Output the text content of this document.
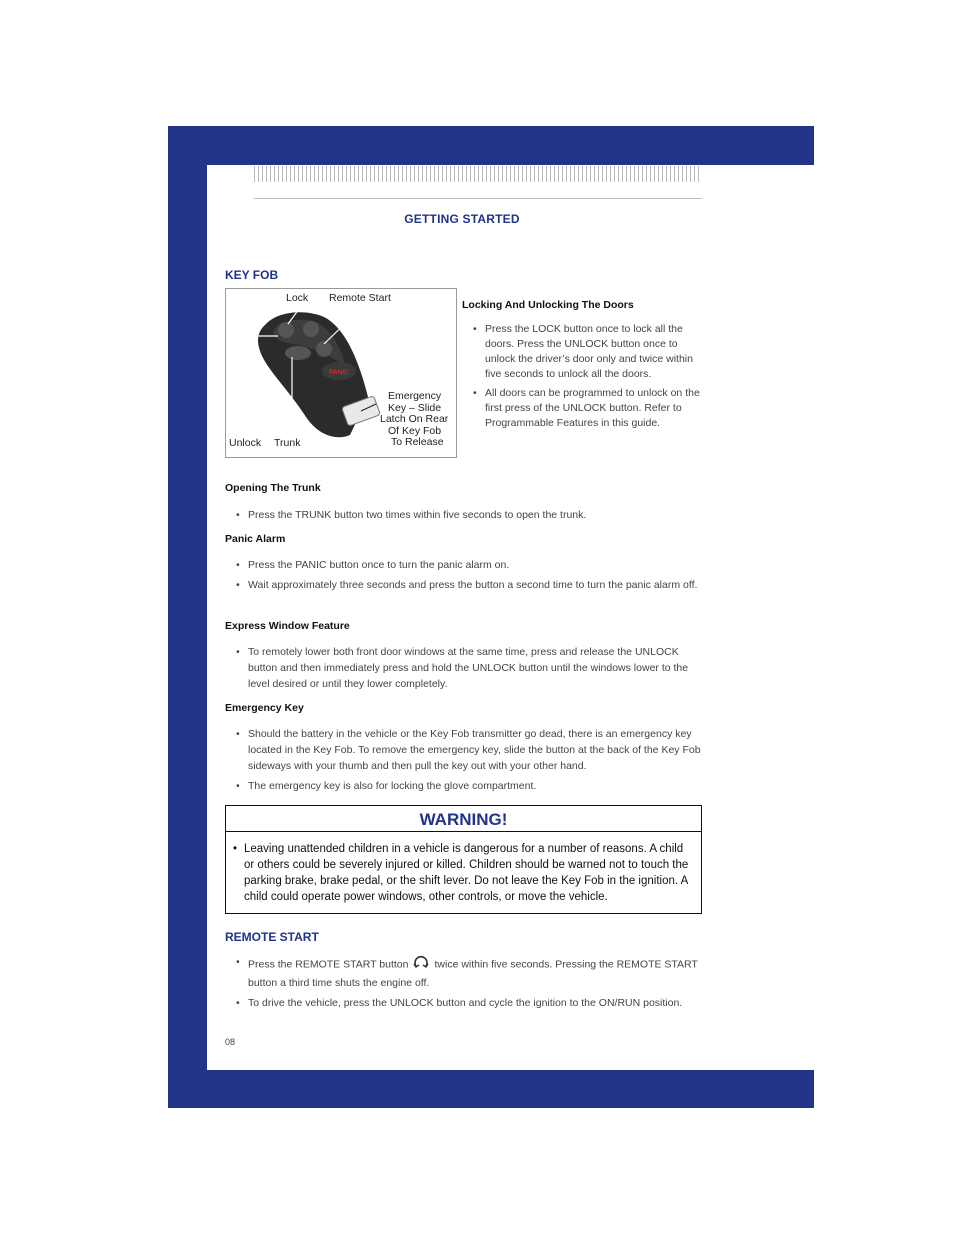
GETTING STARTED
KEY FOB
PANIC
Lock Remote Start
Emergency
Key – Slide
Latch On Rear
Of Key Fob
To Release
Unlock Trunk
Locking And Unlocking The Doors
• Press the LOCK button once to lock all the doors. Press the UNLOCK button once to unlock the driver’s door only and twice within five seconds to unlock all the doors.
• All doors can be programmed to unlock on the first press of the UNLOCK button. Refer to Programmable Features in this guide.
Opening The Trunk
• Press the TRUNK button two times within five seconds to open the trunk.
Panic Alarm
• Press the PANIC button once to turn the panic alarm on.
• Wait approximately three seconds and press the button a second time to turn the panic alarm off.
Express Window Feature
• To remotely lower both front door windows at the same time, press and release the UNLOCK button and then immediately press and hold the UNLOCK button until the windows lower to the level desired or until they lower completely.
Emergency Key
• Should the battery in the vehicle or the Key Fob transmitter go dead, there is an emergency key located in the Key Fob. To remove the emergency key, slide the button at the back of the Key Fob sideways with your thumb and then pull the key out with your other hand.
• The emergency key is also for locking the glove compartment.
WARNING!
• Leaving unattended children in a vehicle is dangerous for a number of reasons. A child or others could be severely injured or killed. Children should be warned not to touch the parking brake, brake pedal, or the shift lever. Do not leave the Key Fob in the ignition. A child could operate power windows, other controls, or move the vehicle.
REMOTE START
• Press the REMOTE START button twice within five seconds. Pressing the REMOTE START button a third time shuts the engine off.
• To drive the vehicle, press the UNLOCK button and cycle the ignition to the ON/RUN position.
08
